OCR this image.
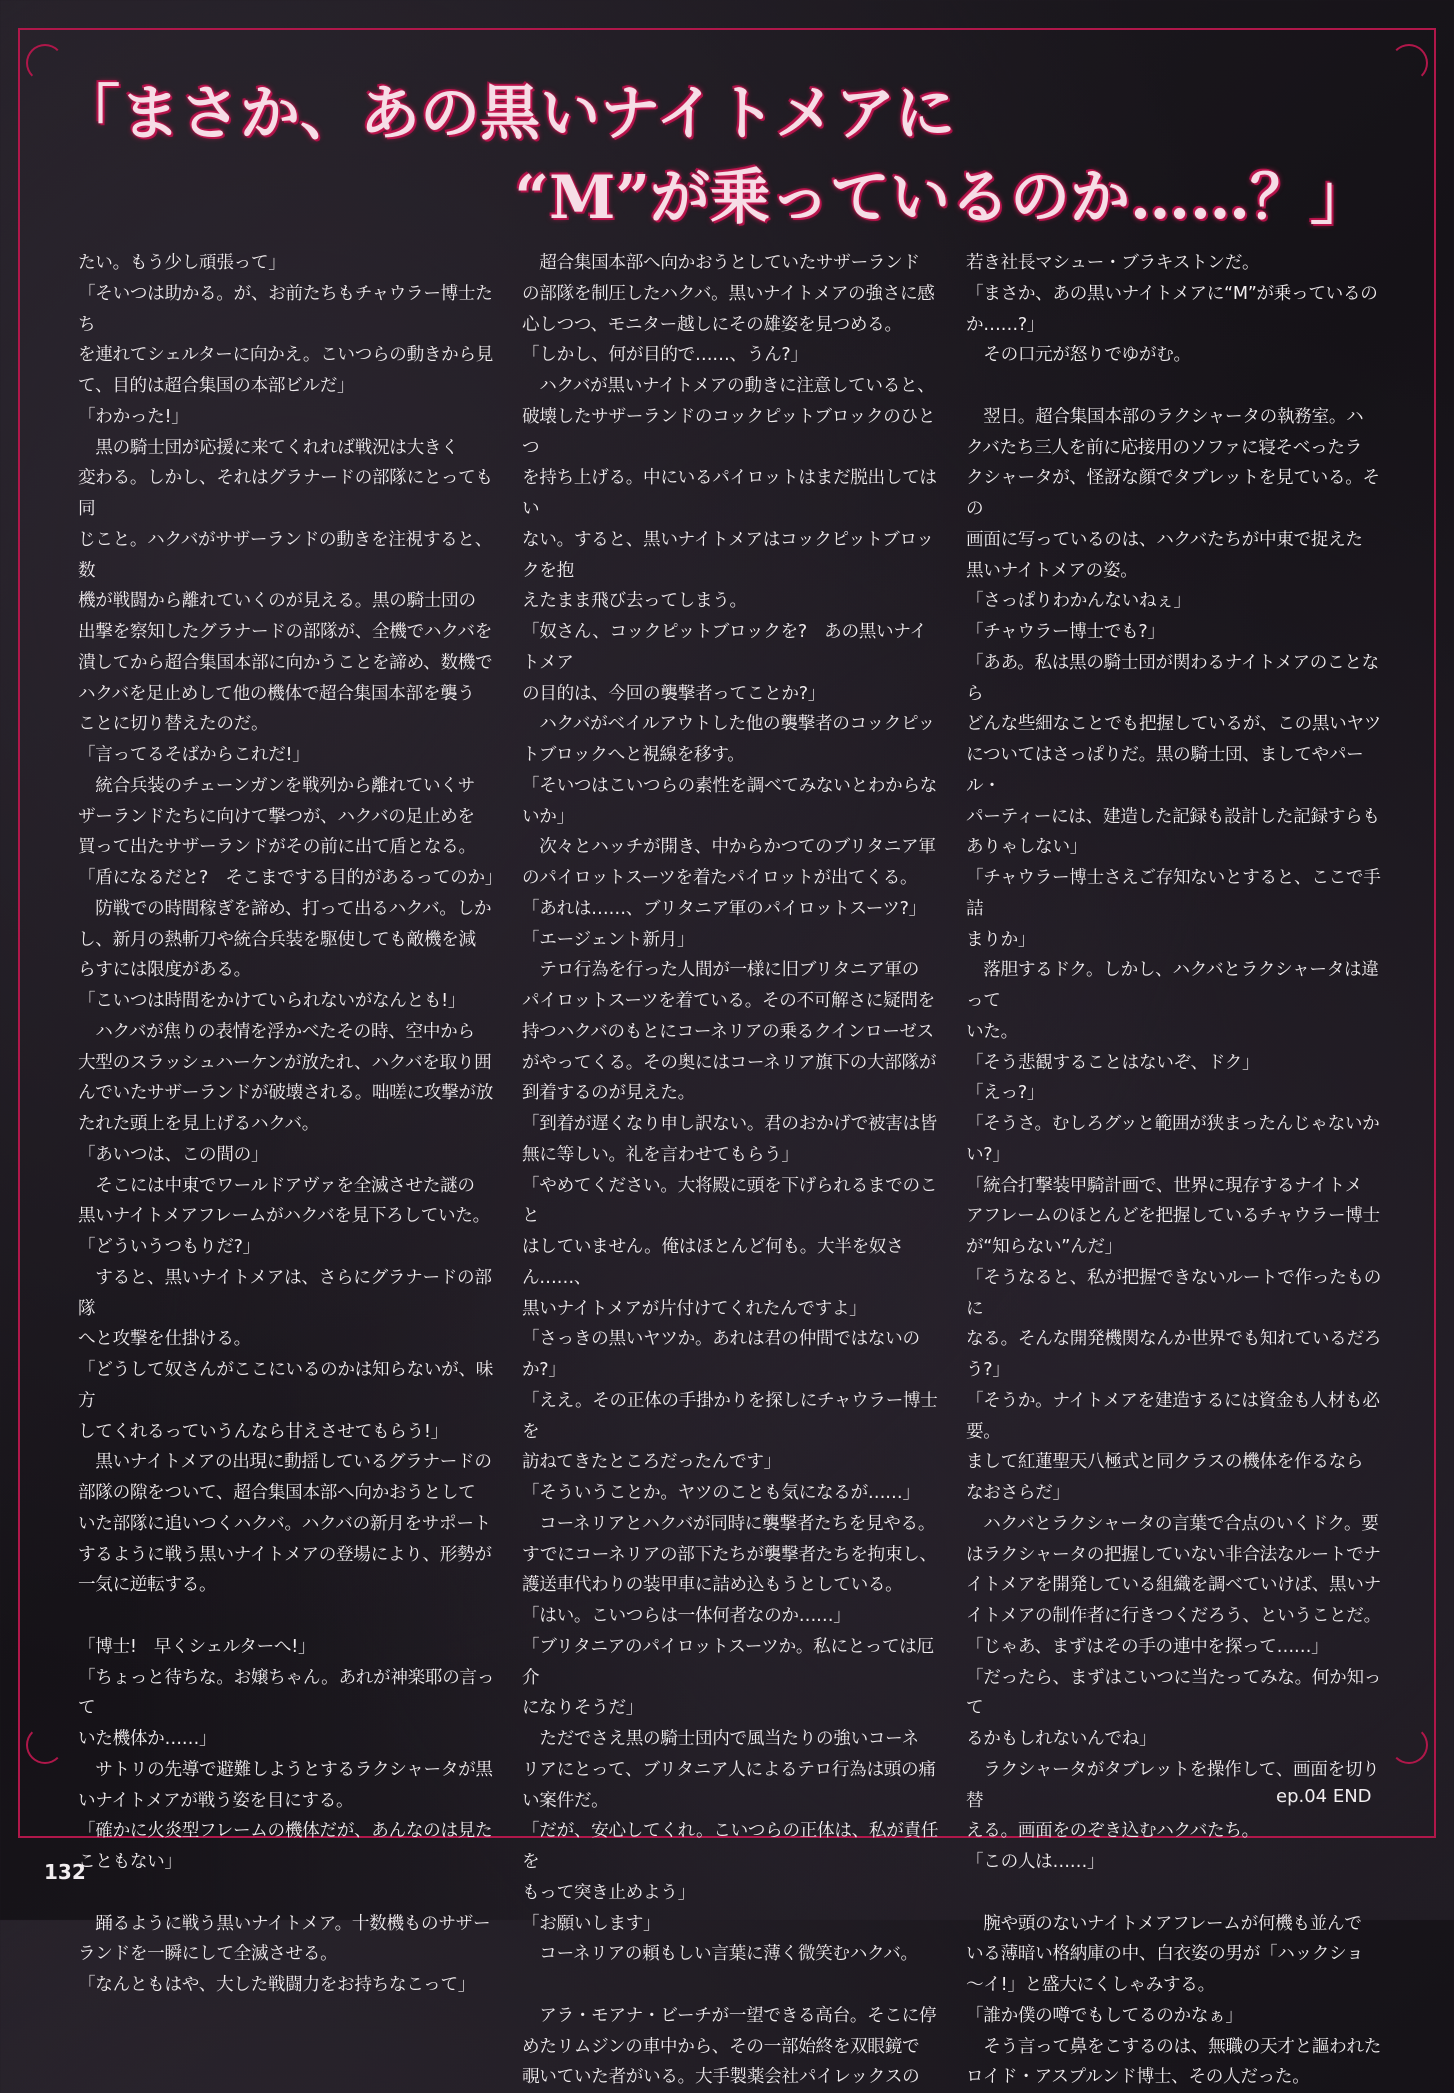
「まさか、あの黒いナイトメアに
“M”が乗っているのか……？」

たい。もう少し頑張って」

「そいつは助かる。が、お前たちもチャウラー博士たち

を連れてシェルターに向かえ。こいつらの動きから見

て、目的は超合集国の本部ビルだ」

「わかった!」

　黒の騎士団が応援に来てくれれば戦況は大きく

変わる。しかし、それはグラナードの部隊にとっても同

じこと。ハクバがサザーランドの動きを注視すると、数

機が戦闘から離れていくのが見える。黒の騎士団の

出撃を察知したグラナードの部隊が、全機でハクバを

潰してから超合集国本部に向かうことを諦め、数機で

ハクバを足止めして他の機体で超合集国本部を襲う

ことに切り替えたのだ。

「言ってるそばからこれだ!」

　統合兵装のチェーンガンを戦列から離れていくサ

ザーランドたちに向けて撃つが、ハクバの足止めを

買って出たサザーランドがその前に出て盾となる。

「盾になるだと?　そこまでする目的があるってのか」

　防戦での時間稼ぎを諦め、打って出るハクバ。しか

し、新月の熱斬刀や統合兵装を駆使しても敵機を減

らすには限度がある。

「こいつは時間をかけていられないがなんとも!」

　ハクバが焦りの表情を浮かべたその時、空中から

大型のスラッシュハーケンが放たれ、ハクバを取り囲

んでいたサザーランドが破壊される。咄嗟に攻撃が放

たれた頭上を見上げるハクバ。

「あいつは、この間の」

　そこには中東でワールドアヴァを全滅させた謎の

黒いナイトメアフレームがハクバを見下ろしていた。

「どういうつもりだ?」

　すると、黒いナイトメアは、さらにグラナードの部隊

へと攻撃を仕掛ける。

「どうして奴さんがここにいるのかは知らないが、味方

してくれるっていうんなら甘えさせてもらう!」

　黒いナイトメアの出現に動揺しているグラナードの

部隊の隙をついて、超合集国本部へ向かおうとして

いた部隊に追いつくハクバ。ハクバの新月をサポート

するように戦う黒いナイトメアの登場により、形勢が

一気に逆転する。

「博士!　早くシェルターへ!」

「ちょっと待ちな。お嬢ちゃん。あれが神楽耶の言って

いた機体か……」

　サトリの先導で避難しようとするラクシャータが黒

いナイトメアが戦う姿を目にする。

「確かに火炎型フレームの機体だが、あんなのは見た

こともない」

　踊るように戦う黒いナイトメア。十数機ものサザー

ランドを一瞬にして全滅させる。

「なんともはや、大した戦闘力をお持ちなこって」

　超合集国本部へ向かおうとしていたサザーランド

の部隊を制圧したハクバ。黒いナイトメアの強さに感

心しつつ、モニター越しにその雄姿を見つめる。

「しかし、何が目的で……、うん?」

　ハクバが黒いナイトメアの動きに注意していると、

破壊したサザーランドのコックピットブロックのひとつ

を持ち上げる。中にいるパイロットはまだ脱出してはい

ない。すると、黒いナイトメアはコックピットブロックを抱

えたまま飛び去ってしまう。

「奴さん、コックピットブロックを?　あの黒いナイトメア

の目的は、今回の襲撃者ってことか?」

　ハクバがベイルアウトした他の襲撃者のコックピッ

トブロックへと視線を移す。

「そいつはこいつらの素性を調べてみないとわからな

いか」

　次々とハッチが開き、中からかつてのブリタニア軍

のパイロットスーツを着たパイロットが出てくる。

「あれは……、ブリタニア軍のパイロットスーツ?」

「エージェント新月」

　テロ行為を行った人間が一様に旧ブリタニア軍の

パイロットスーツを着ている。その不可解さに疑問を

持つハクバのもとにコーネリアの乗るクインローゼス

がやってくる。その奥にはコーネリア旗下の大部隊が

到着するのが見えた。

「到着が遅くなり申し訳ない。君のおかげで被害は皆

無に等しい。礼を言わせてもらう」

「やめてください。大将殿に頭を下げられるまでのこと

はしていません。俺はほとんど何も。大半を奴さん……、

黒いナイトメアが片付けてくれたんですよ」

「さっきの黒いヤツか。あれは君の仲間ではないの

か?」

「ええ。その正体の手掛かりを探しにチャウラー博士を

訪ねてきたところだったんです」

「そういうことか。ヤツのことも気になるが……」

　コーネリアとハクバが同時に襲撃者たちを見やる。

すでにコーネリアの部下たちが襲撃者たちを拘束し、

護送車代わりの装甲車に詰め込もうとしている。

「はい。こいつらは一体何者なのか……」

「ブリタニアのパイロットスーツか。私にとっては厄介

になりそうだ」

　ただでさえ黒の騎士団内で風当たりの強いコーネ

リアにとって、ブリタニア人によるテロ行為は頭の痛

い案件だ。

「だが、安心してくれ。こいつらの正体は、私が責任を

もって突き止めよう」

「お願いします」

　コーネリアの頼もしい言葉に薄く微笑むハクバ。

　アラ・モアナ・ビーチが一望できる高台。そこに停

めたリムジンの車中から、その一部始終を双眼鏡で

覗いていた者がいる。大手製薬会社パイレックスの

若き社長マシュー・ブラキストンだ。

「まさか、あの黒いナイトメアに“M”が乗っているの

か……?」

　その口元が怒りでゆがむ。

　翌日。超合集国本部のラクシャータの執務室。ハ

クバたち三人を前に応接用のソファに寝そべったラ

クシャータが、怪訝な顔でタブレットを見ている。その

画面に写っているのは、ハクバたちが中東で捉えた

黒いナイトメアの姿。

「さっぱりわかんないねぇ」

「チャウラー博士でも?」

「ああ。私は黒の騎士団が関わるナイトメアのことなら

どんな些細なことでも把握しているが、この黒いヤツ

についてはさっぱりだ。黒の騎士団、ましてやパール・

パーティーには、建造した記録も設計した記録すらも

ありゃしない」

「チャウラー博士さえご存知ないとすると、ここで手詰

まりか」

　落胆するドク。しかし、ハクバとラクシャータは違って

いた。

「そう悲観することはないぞ、ドク」

「えっ?」

「そうさ。むしろグッと範囲が狭まったんじゃないかい?」

「統合打撃装甲騎計画で、世界に現存するナイトメ

アフレームのほとんどを把握しているチャウラー博士

が“知らない”んだ」

「そうなると、私が把握できないルートで作ったものに

なる。そんな開発機関なんか世界でも知れているだろ

う?」

「そうか。ナイトメアを建造するには資金も人材も必要。

まして紅蓮聖天八極式と同クラスの機体を作るなら

なおさらだ」

　ハクバとラクシャータの言葉で合点のいくドク。要

はラクシャータの把握していない非合法なルートでナ

イトメアを開発している組織を調べていけば、黒いナ

イトメアの制作者に行きつくだろう、ということだ。

「じゃあ、まずはその手の連中を探って……」

「だったら、まずはこいつに当たってみな。何か知って

るかもしれないんでね」

　ラクシャータがタブレットを操作して、画面を切り替

える。画面をのぞき込むハクバたち。

「この人は……」

　腕や頭のないナイトメアフレームが何機も並んで

いる薄暗い格納庫の中、白衣姿の男が「ハックショ

〜イ!」と盛大にくしゃみする。

「誰か僕の噂でもしてるのかなぁ」

　そう言って鼻をこするのは、無職の天才と謳われた

ロイド・アスプルンド博士、その人だった。

ep.04 END
132
